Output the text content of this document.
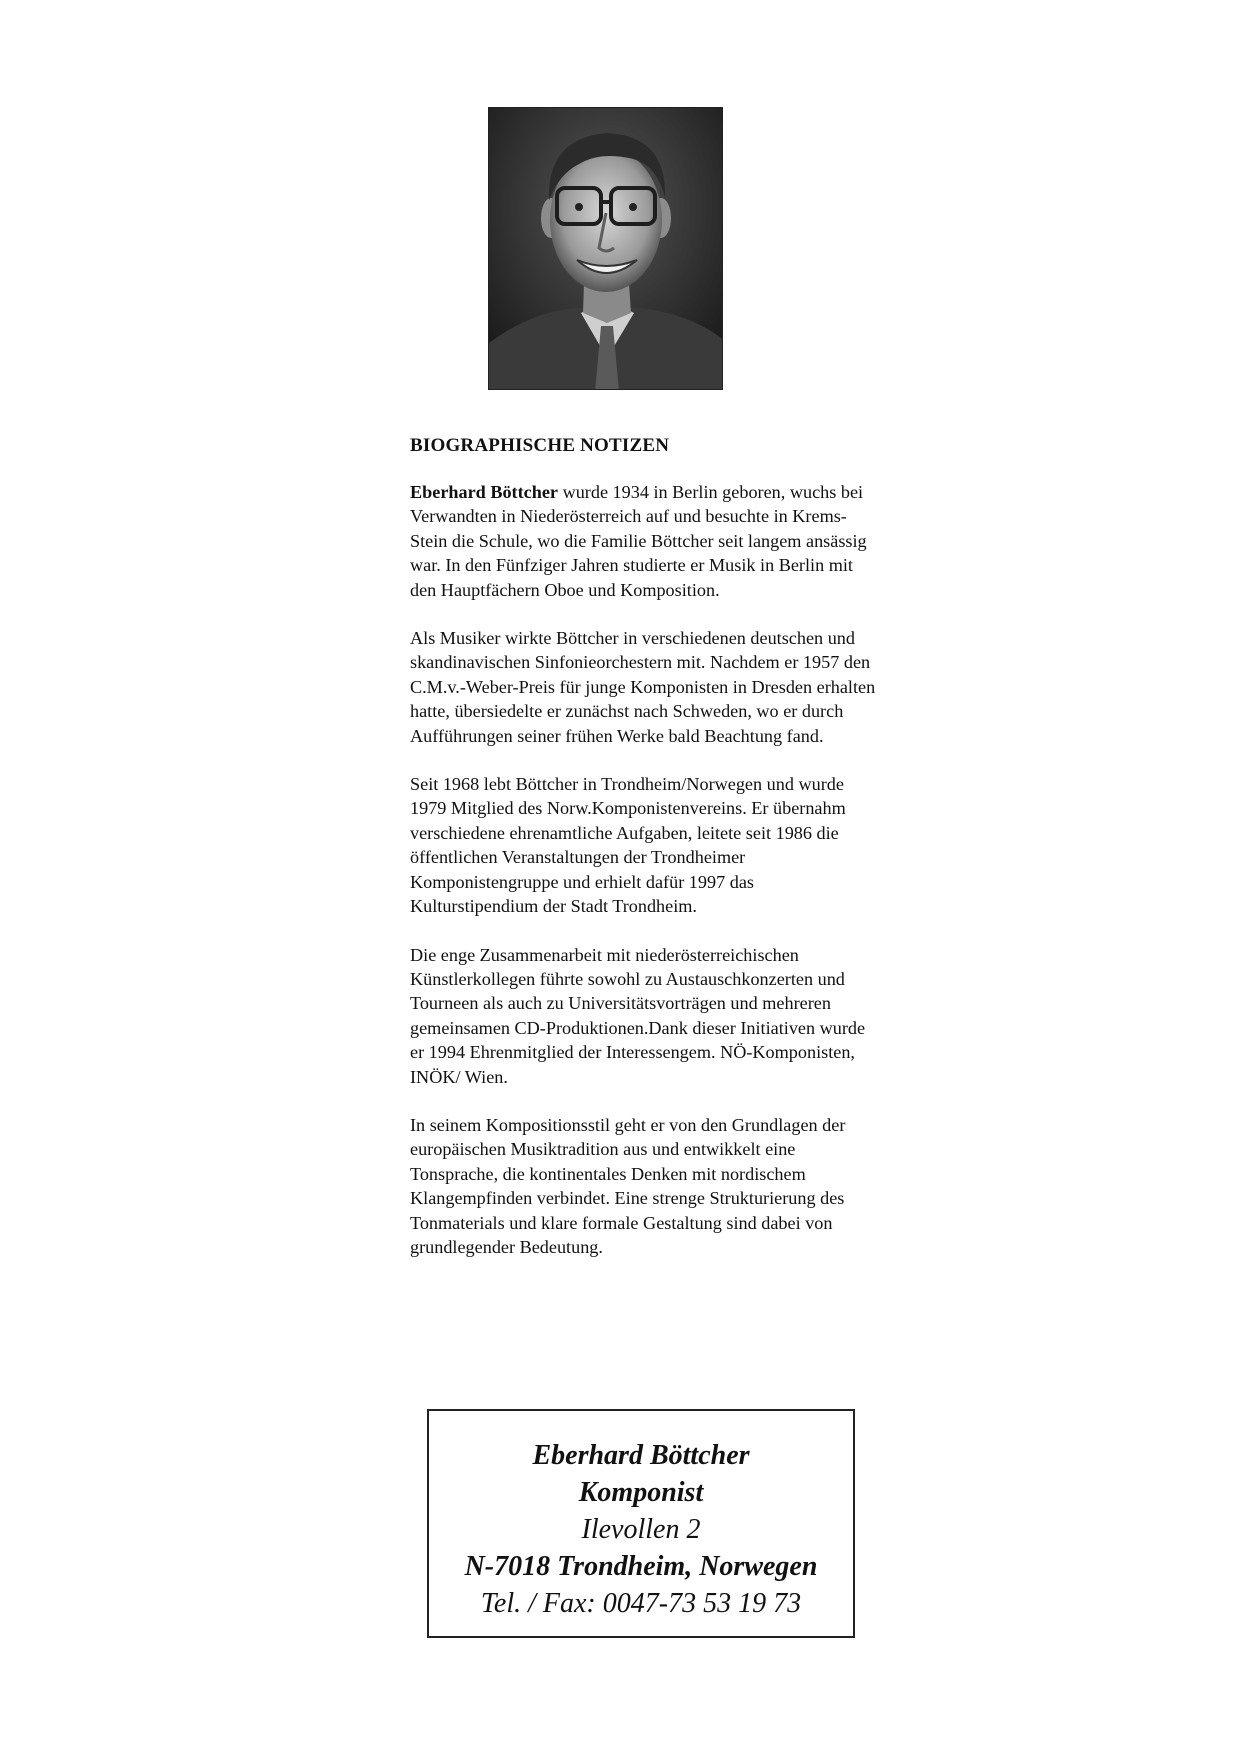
BIOGRAPHISCHE NOTIZEN

Eberhard Böttcher wurde 1934 in Berlin geboren, wuchs bei Verwandten in Niederösterreich auf und besuchte in Krems-Stein die Schule, wo die Familie Böttcher seit langem ansässig war. In den Fünfziger Jahren studierte er Musik in Berlin mit den Hauptfächern Oboe und Komposition.

Als Musiker wirkte Böttcher in verschiedenen deutschen und skandinavischen Sinfonieorchestern mit. Nachdem er 1957 den C.M.v.-Weber-Preis für junge Komponisten in Dresden erhalten hatte, übersiedelte er zunächst nach Schweden, wo er durch Aufführungen seiner frühen Werke bald Beachtung fand.

Seit 1968 lebt Böttcher in Trondheim/Norwegen und wurde 1979 Mitglied des Norw.Komponistenvereins. Er übernahm verschiedene ehrenamtliche Aufgaben, leitete seit 1986 die öffentlichen Veranstaltungen der Trondheimer Komponistengruppe und erhielt dafür 1997 das Kulturstipendium der Stadt Trondheim.

Die enge Zusammenarbeit mit niederösterreichischen Künstlerkollegen führte sowohl zu Austauschkonzerten und Tourneen als auch zu Universitätsvorträgen und mehreren gemeinsamen CD-Produktionen.Dank dieser Initiativen wurde er 1994 Ehrenmitglied der Interessengem. NÖ-Komponisten, INÖK/ Wien.

In seinem Kompositionsstil geht er von den Grundlagen der europäischen Musiktradition aus und entwikkelt eine Tonsprache, die kontinentales Denken mit nordischem Klangempfinden verbindet. Eine strenge Strukturierung des Tonmaterials und klare formale Gestaltung sind dabei von grundlegender Bedeutung.

Eberhard Böttcher
Komponist
Ilevollen 2
N-7018 Trondheim, Norwegen
Tel. / Fax: 0047-73 53 19 73
